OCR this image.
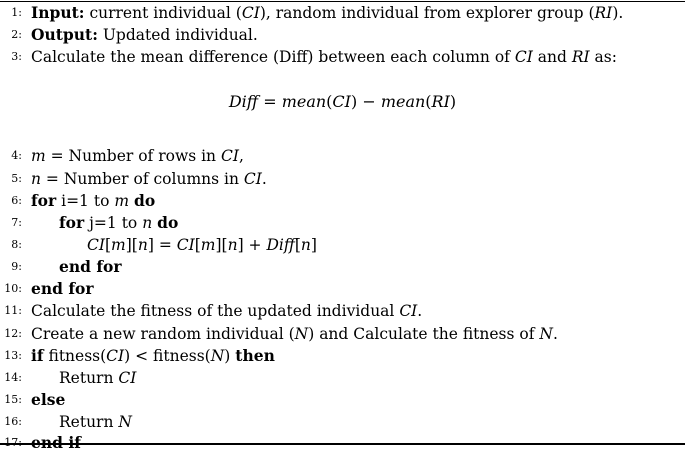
1: Input: current individual (CI), random individual from explorer group (RI).
2: Output: Updated individual.
3: Calculate the mean difference (Diff) between each column of CI and RI as:
Diff = mean(CI) − mean(RI)
4: m = Number of rows in CI,
5: n = Number of columns in CI.
6: for i=1 to m do
7: for j=1 to n do
8:	CI[m][n] = CI[m][n] + Diff[n]
9: end for
10: end for
11: Calculate the fitness of the updated individual CI.
12: Create a new random individual (N) and Calculate the fitness of N.
13: if fitness(CI) < fitness(N) then
14: Return CI
15: else
16: Return N
